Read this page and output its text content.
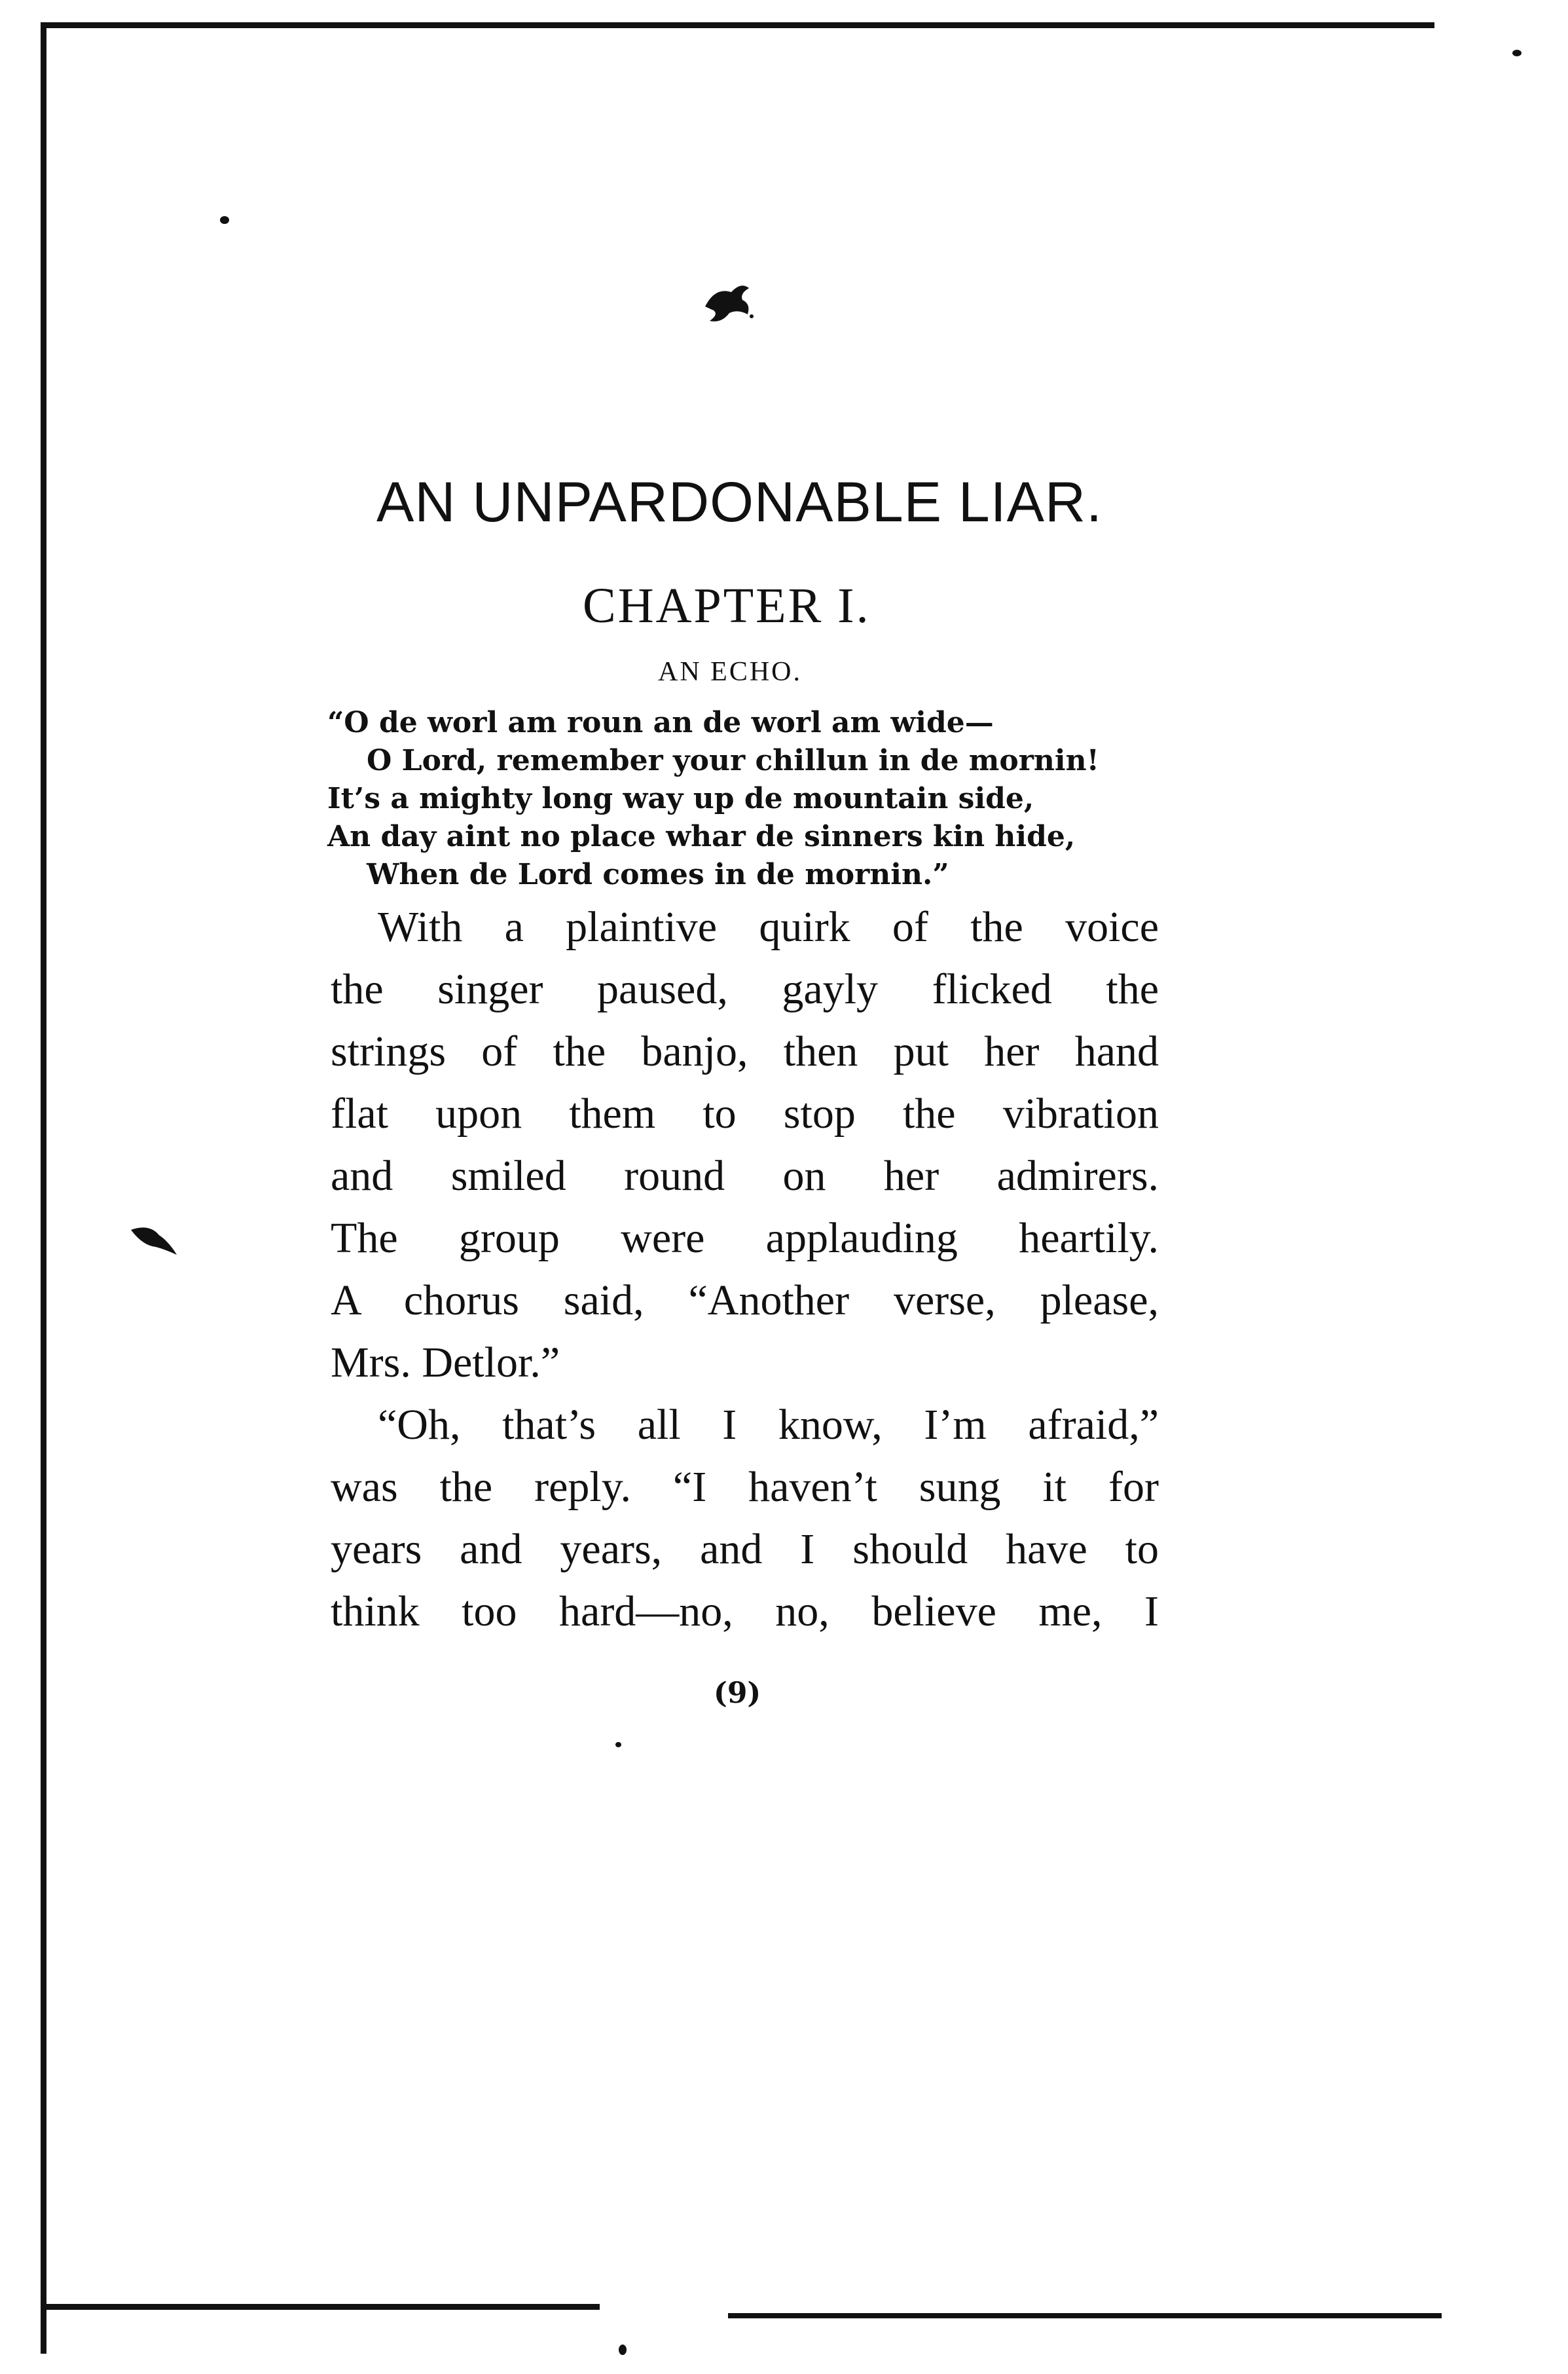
AN UNPARDONABLE LIAR.
CHAPTER I.
AN ECHO.
“O de worl am roun an de worl am wide—
O Lord, remember your chillun in de mornin!
It’s a mighty long way up de mountain side,
An day aint no place whar de sinners kin hide,
When de Lord comes in de mornin.”
With a plaintive quirk of the voice
the singer paused, gayly flicked the
strings of the banjo, then put her hand
flat upon them to stop the vibration
and smiled round on her admirers.
The group were applauding heartily.
A chorus said, “Another verse, please,
Mrs. Detlor.”
“Oh, that’s all I know, I’m afraid,”
was the reply. “I haven’t sung it for
years and years, and I should have to
think too hard—no, no, believe me, I
(9)
